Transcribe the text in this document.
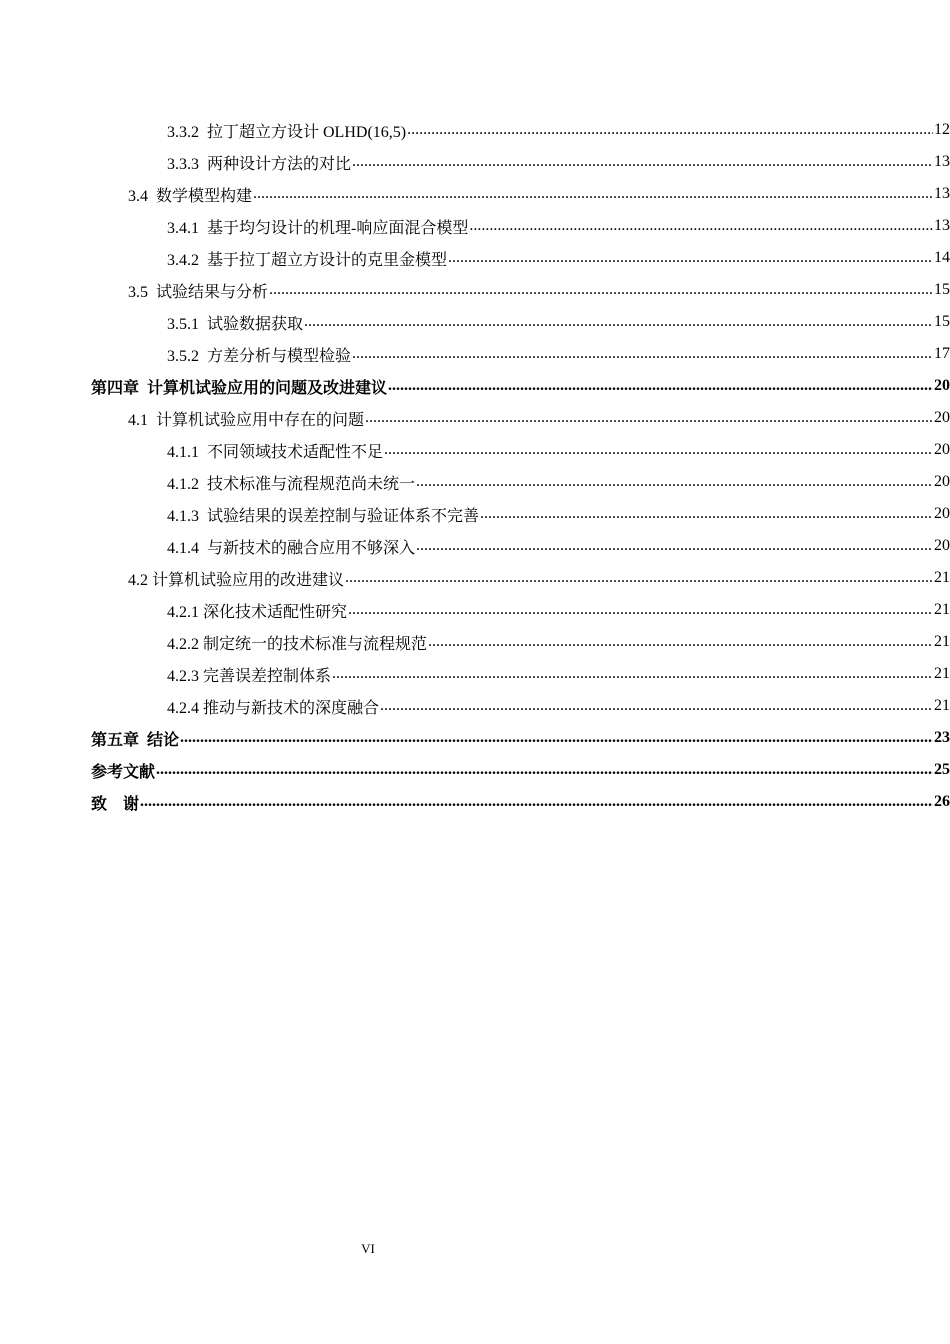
3.3.2  拉丁超立方设计 OLHD(16,5) .....	12
3.3.3  两种设计方法的对比 .....	13
3.4  数学模型构建 .....	13
3.4.1  基于均匀设计的机理-响应面混合模型 .....	13
3.4.2  基于拉丁超立方设计的克里金模型 .....	14
3.5  试验结果与分析 .....	15
3.5.1  试验数据获取 .....	15
3.5.2  方差分析与模型检验 .....	17
第四章  计算机试验应用的问题及改进建议 .....	20
4.1  计算机试验应用中存在的问题 .....	20
4.1.1  不同领域技术适配性不足 .....	20
4.1.2  技术标准与流程规范尚未统一 .....	20
4.1.3  试验结果的误差控制与验证体系不完善 .....	20
4.1.4  与新技术的融合应用不够深入 .....	20
4.2 计算机试验应用的改进建议 .....	21
4.2.1 深化技术适配性研究 .....	21
4.2.2 制定统一的技术标准与流程规范 .....	21
4.2.3 完善误差控制体系 .....	21
4.2.4 推动与新技术的深度融合 .....	21
第五章  结论 .....	23
参考文献 .....	25
致    谢 .....	26
VI
